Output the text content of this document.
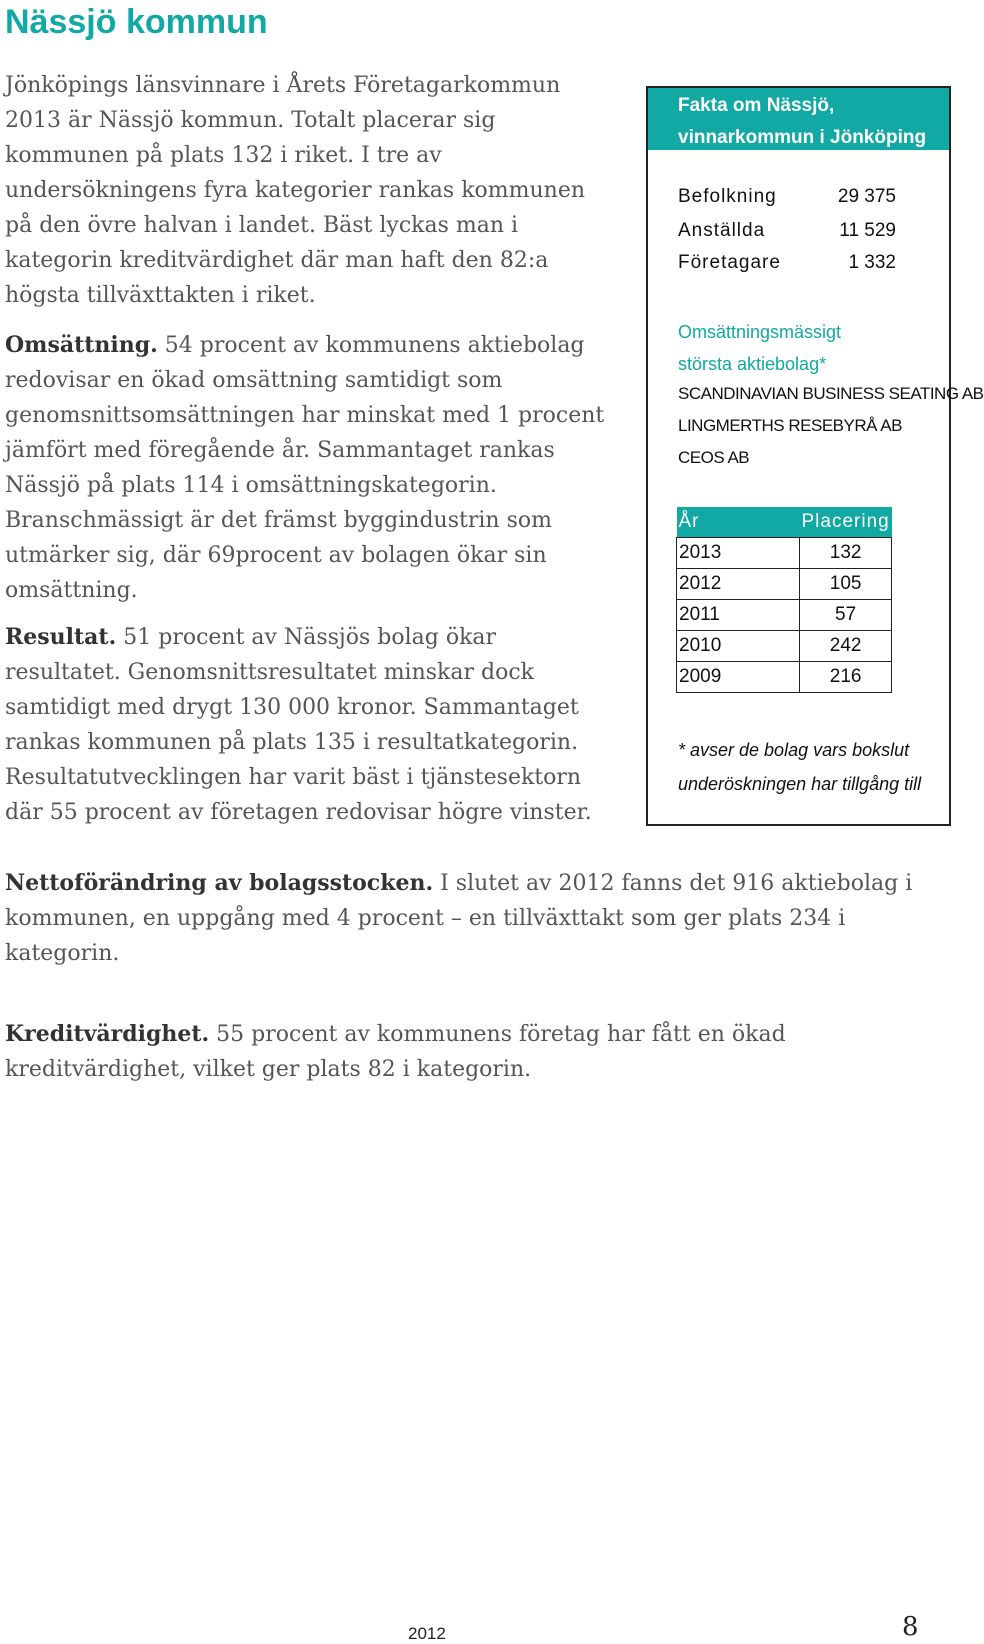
Nässjö kommun

Jönköpings länsvinnare i Årets Företagarkommun 2013 är Nässjö kommun. Totalt placerar sig kommunen på plats 132 i riket. I tre av undersökningens fyra kategorier rankas kommunen på den övre halvan i landet. Bäst lyckas man i kategorin kreditvärdighet där man haft den 82:a högsta tillväxttakten i riket.

Omsättning. 54 procent av kommunens aktiebolag redovisar en ökad omsättning samtidigt som genomsnittsomsättningen har minskat med 1 procent jämfört med föregående år. Sammantaget rankas Nässjö på plats 114 i omsättningskategorin. Branschmässigt är det främst byggindustrin som utmärker sig, där 69procent av bolagen ökar sin omsättning.

Resultat. 51 procent av Nässjös bolag ökar resultatet. Genomsnittsresultatet minskar dock samtidigt med drygt 130 000 kronor. Sammantaget rankas kommunen på plats 135 i resultatkategorin. Resultatutvecklingen har varit bäst i tjänstesektorn där 55 procent av företagen redovisar högre vinster.

Nettoförändring av bolagsstocken. I slutet av 2012 fanns det 916 aktiebolag i kommunen, en uppgång med 4 procent – en tillväxttakt som ger plats 234 i kategorin.

Kreditvärdighet. 55 procent av kommunens företag har fått en ökad kreditvärdighet, vilket ger plats 82 i kategorin.

Fakta om Nässjö,
vinnarkommun i Jönköping
Befolkning	29 375
Anställda	11 529
Företagare	1 332
Omsättningsmässigt
största aktiebolag*
SCANDINAVIAN BUSINESS SEATING AB
LINGMERTHS RESEBYRÅ AB
CEOS AB
År	Placering
2013	132
2012	105
2011	57
2010	242
2009	216
* avser de bolag vars bokslut
underöskningen har tillgång till
2012	8
